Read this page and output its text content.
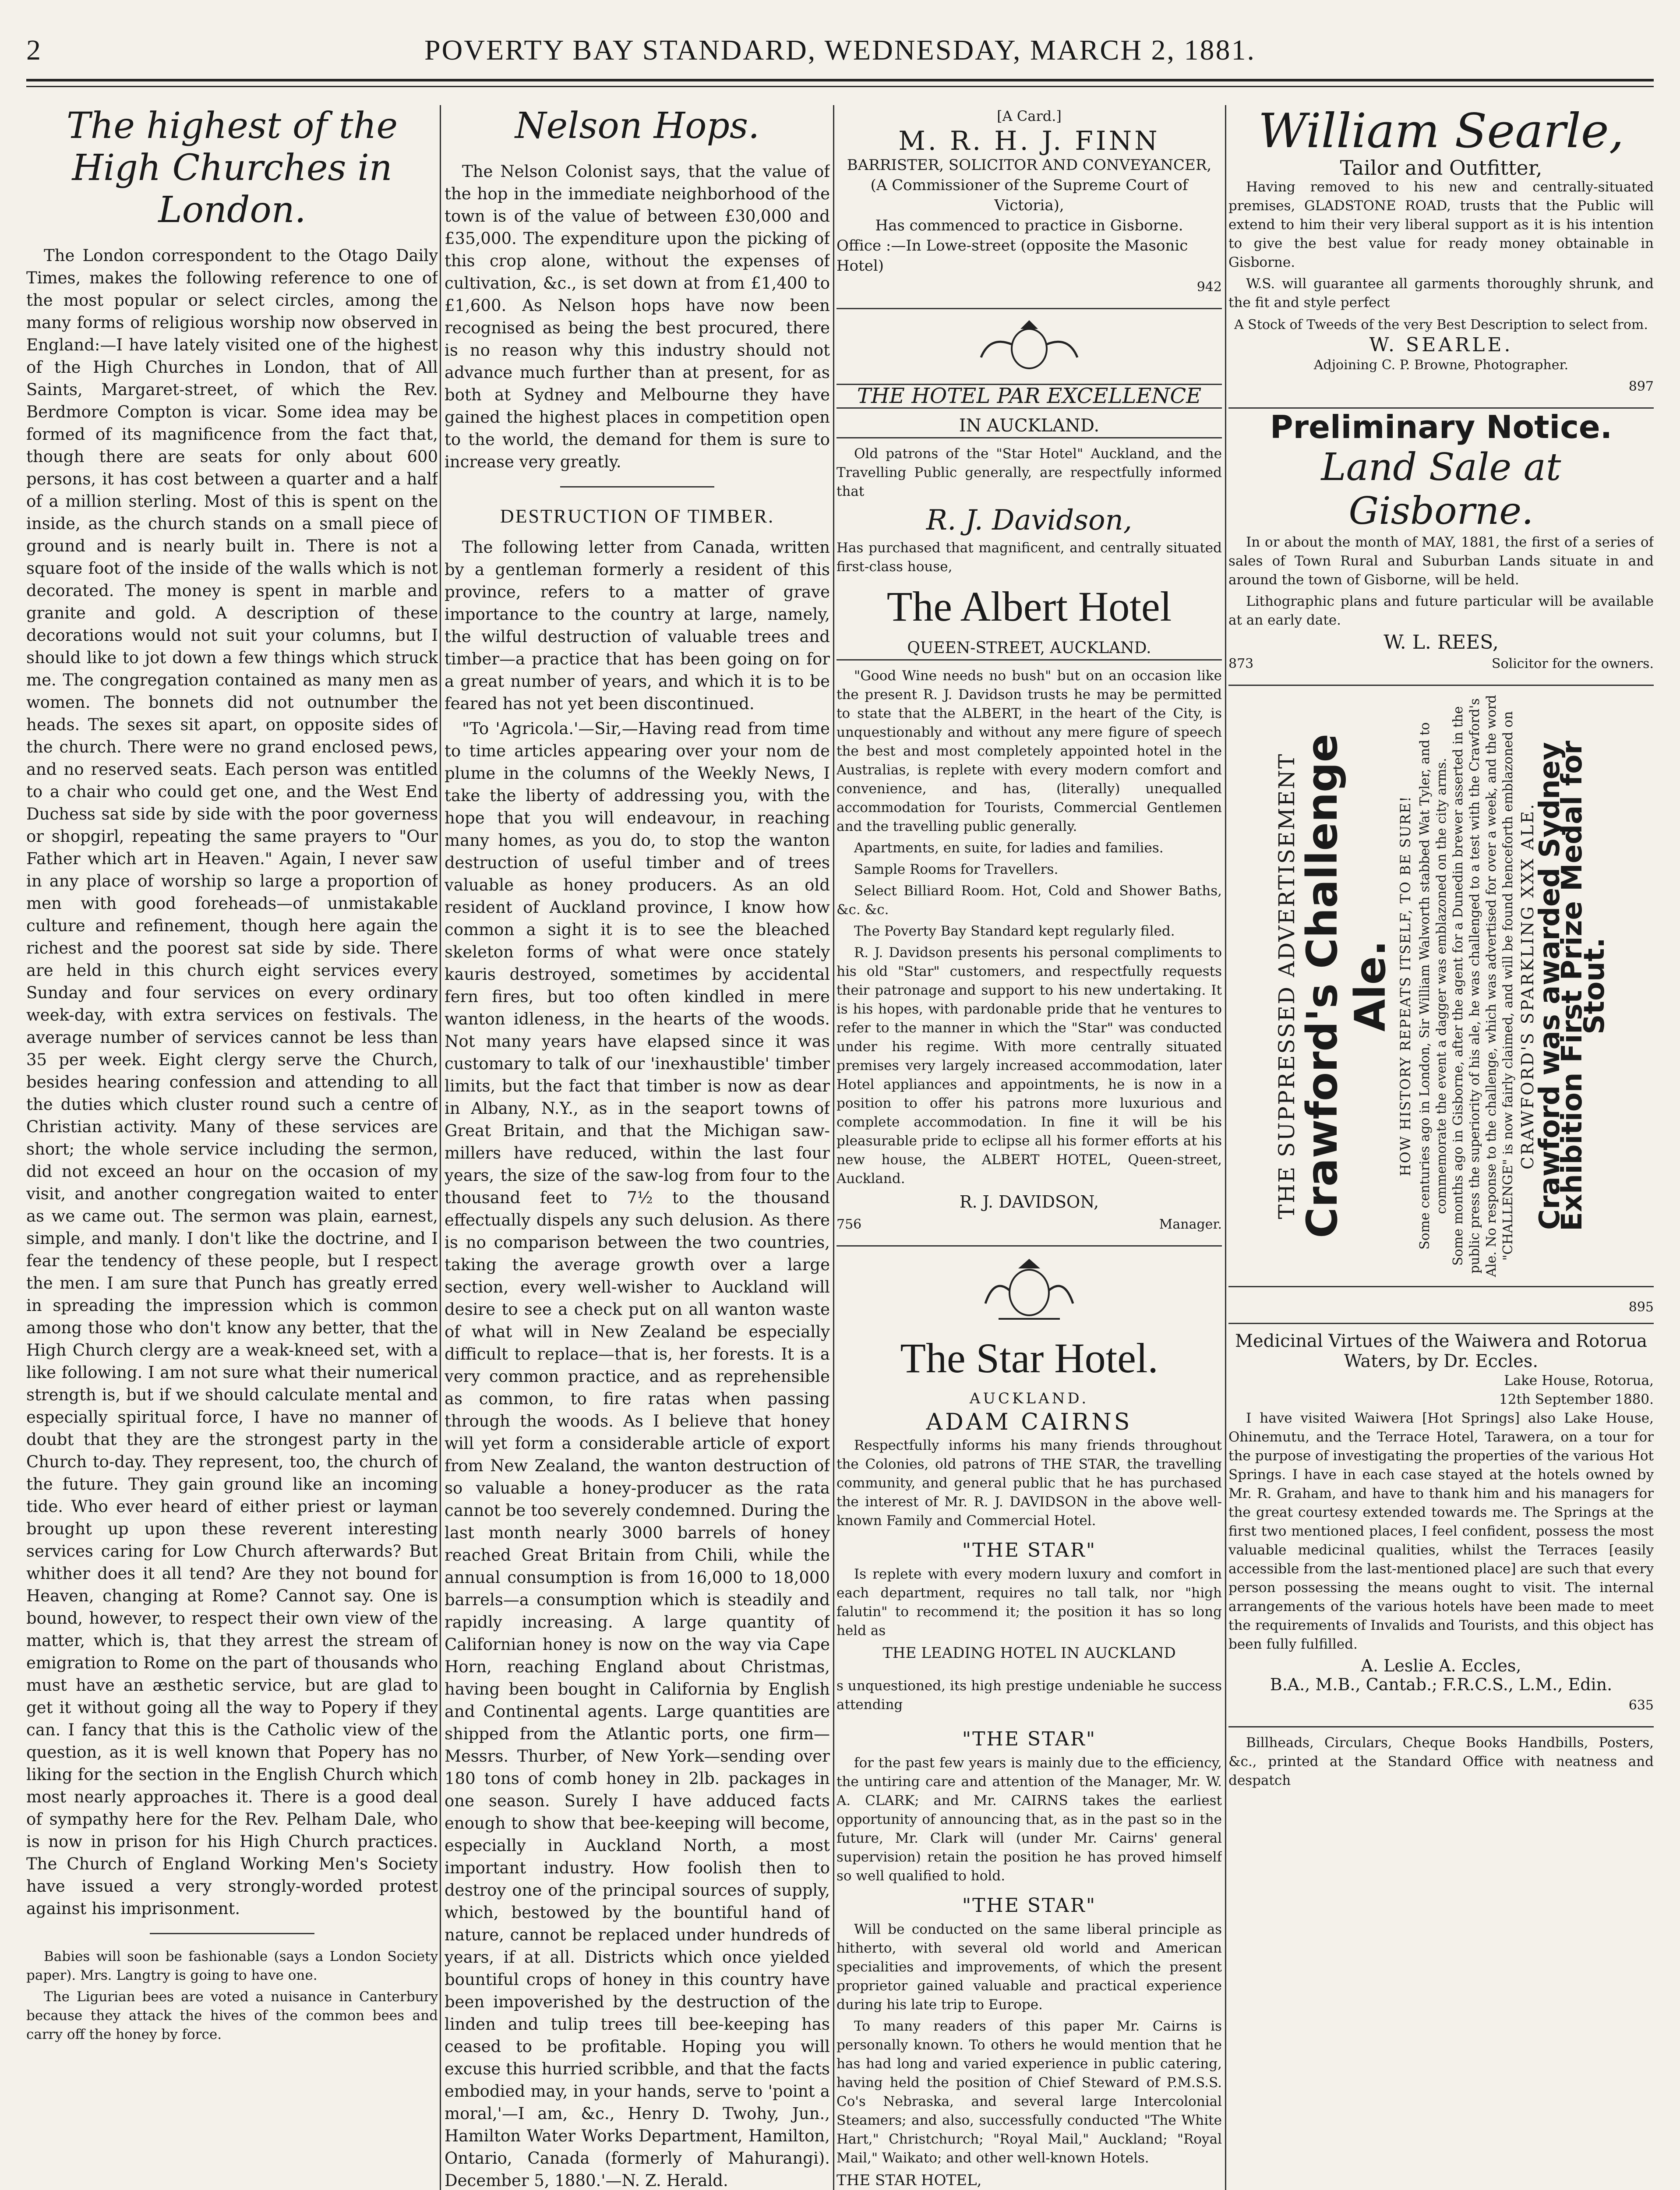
2	POVERTY BAY STANDARD, WEDNESDAY, MARCH 2, 1881.
The highest of the High Churches in London.

The London correspondent to the Otago Daily Times, makes the following reference to one of the most popular or select circles, among the many forms of religious worship now observed in England:—I have lately visited one of the highest of the High Churches in London, that of All Saints, Margaret-street, of which the Rev. Berdmore Compton is vicar. Some idea may be formed of its magnificence from the fact that, though there are seats for only about 600 persons, it has cost between a quarter and a half of a million sterling. Most of this is spent on the inside, as the church stands on a small piece of ground and is nearly built in. There is not a square foot of the inside of the walls which is not decorated. The money is spent in marble and granite and gold. A description of these decorations would not suit your columns, but I should like to jot down a few things which struck me. The congregation contained as many men as women. The bonnets did not outnumber the heads. The sexes sit apart, on opposite sides of the church. There were no grand enclosed pews, and no reserved seats. Each person was entitled to a chair who could get one, and the West End Duchess sat side by side with the poor governess or shopgirl, repeating the same prayers to "Our Father which art in Heaven." Again, I never saw in any place of worship so large a proportion of men with good foreheads—of unmistakable culture and refinement, though here again the richest and the poorest sat side by side. There are held in this church eight services every Sunday and four services on every ordinary week-day, with extra services on festivals. The average number of services cannot be less than 35 per week. Eight clergy serve the Church, besides hearing confession and attending to all the duties which cluster round such a centre of Christian activity. Many of these services are short; the whole service including the sermon, did not exceed an hour on the occasion of my visit, and another congregation waited to enter as we came out. The sermon was plain, earnest, simple, and manly. I don't like the doctrine, and I fear the tendency of these people, but I respect the men. I am sure that Punch has greatly erred in spreading the impression which is common among those who don't know any better, that the High Church clergy are a weak-kneed set, with a like following. I am not sure what their numerical strength is, but if we should calculate mental and especially spiritual force, I have no manner of doubt that they are the strongest party in the Church to-day. They represent, too, the church of the future. They gain ground like an incoming tide. Who ever heard of either priest or layman brought up upon these reverent interesting services caring for Low Church afterwards? But whither does it all tend? Are they not bound for Heaven, changing at Rome? Cannot say. One is bound, however, to respect their own view of the matter, which is, that they arrest the stream of emigration to Rome on the part of thousands who must have an æsthetic service, but are glad to get it without going all the way to Popery if they can. I fancy that this is the Catholic view of the question, as it is well known that Popery has no liking for the section in the English Church which most nearly approaches it. There is a good deal of sympathy here for the Rev. Pelham Dale, who is now in prison for his High Church practices. The Church of England Working Men's Society have issued a very strongly-worded protest against his imprisonment.

Babies will soon be fashionable (says a London Society paper). Mrs. Langtry is going to have one.

The Ligurian bees are voted a nuisance in Canterbury because they attack the hives of the common bees and carry off the honey by force.

Nelson Hops.

The Nelson Colonist says, that the value of the hop in the immediate neighborhood of the town is of the value of between £30,000 and £35,000. The expenditure upon the picking of this crop alone, without the expenses of cultivation, &c., is set down at from £1,400 to £1,600. As Nelson hops have now been recognised as being the best procured, there is no reason why this industry should not advance much further than at present, for as both at Sydney and Melbourne they have gained the highest places in competition open to the world, the demand for them is sure to increase very greatly.

DESTRUCTION OF TIMBER.

The following letter from Canada, written by a gentleman formerly a resident of this province, refers to a matter of grave importance to the country at large, namely, the wilful destruction of valuable trees and timber—a practice that has been going on for a great number of years, and which it is to be feared has not yet been discontinued.

"To 'Agricola.'—Sir,—Having read from time to time articles appearing over your nom de plume in the columns of the Weekly News, I take the liberty of addressing you, with the hope that you will endeavour, in reaching many homes, as you do, to stop the wanton destruction of useful timber and of trees valuable as honey producers. As an old resident of Auckland province, I know how common a sight it is to see the bleached skeleton forms of what were once stately kauris destroyed, sometimes by accidental fern fires, but too often kindled in mere wanton idleness, in the hearts of the woods. Not many years have elapsed since it was customary to talk of our 'inexhaustible' timber limits, but the fact that timber is now as dear in Albany, N.Y., as in the seaport towns of Great Britain, and that the Michigan saw-millers have reduced, within the last four years, the size of the saw-log from four to the thousand feet to 7½ to the thousand effectually dispels any such delusion. As there is no comparison between the two countries, taking the average growth over a large section, every well-wisher to Auckland will desire to see a check put on all wanton waste of what will in New Zealand be especially difficult to replace—that is, her forests. It is a very common practice, and as reprehensible as common, to fire ratas when passing through the woods. As I believe that honey will yet form a considerable article of export from New Zealand, the wanton destruction of so valuable a honey-producer as the rata cannot be too severely condemned. During the last month nearly 3000 barrels of honey reached Great Britain from Chili, while the annual consumption is from 16,000 to 18,000 barrels—a consumption which is steadily and rapidly increasing. A large quantity of Californian honey is now on the way via Cape Horn, reaching England about Christmas, having been bought in California by English and Continental agents. Large quantities are shipped from the Atlantic ports, one firm—Messrs. Thurber, of New York—sending over 180 tons of comb honey in 2lb. packages in one season. Surely I have adduced facts enough to show that bee-keeping will become, especially in Auckland North, a most important industry. How foolish then to destroy one of the principal sources of supply, which, bestowed by the bountiful hand of nature, cannot be replaced under hundreds of years, if at all. Districts which once yielded bountiful crops of honey in this country have been impoverished by the destruction of the linden and tulip trees till bee-keeping has ceased to be profitable. Hoping you will excuse this hurried scribble, and that the facts embodied may, in your hands, serve to 'point a moral,'—I am, &c., Henry D. Twohy, Jun., Hamilton Water Works Department, Hamilton, Ontario, Canada (formerly of Mahurangi). December 5, 1880.'—N. Z. Herald.

[A Card.]
M. R. H. J. FINN
BARRISTER, SOLICITOR AND CONVEYANCER,
(A Commissioner of the Supreme Court of Victoria),
Has commenced to practice in Gisborne.
Office :—In Lowe-street (opposite the Masonic Hotel)
942
THE HOTEL PAR EXCELLENCE
IN AUCKLAND.

Old patrons of the "Star Hotel" Auckland, and the Travelling Public generally, are respectfully informed that

R. J. Davidson,

Has purchased that magnificent, and centrally situated first-class house,

The Albert Hotel
QUEEN-STREET, AUCKLAND.

"Good Wine needs no bush" but on an occasion like the present R. J. Davidson trusts he may be permitted to state that the ALBERT, in the heart of the City, is unquestionably and without any mere figure of speech the best and most completely appointed hotel in the Australias, is replete with every modern comfort and convenience, and has, (literally) unequalled accommodation for Tourists, Commercial Gentlemen and the travelling public generally.

Apartments, en suite, for ladies and families.

Sample Rooms for Travellers.

Select Billiard Room. Hot, Cold and Shower Baths, &c. &c.

The Poverty Bay Standard kept regularly filed.

R. J. Davidson presents his personal compliments to his old "Star" customers, and respectfully requests their patronage and support to his new undertaking. It is his hopes, with pardonable pride that he ventures to refer to the manner in which the "Star" was conducted under his regime. With more centrally situated premises very largely increased accommodation, later Hotel appliances and appointments, he is now in a position to offer his patrons more luxurious and complete accommodation. In fine it will be his pleasurable pride to eclipse all his former efforts at his new house, the ALBERT HOTEL, Queen-street, Auckland.

R. J. DAVIDSON,
756	Manager.
The Star Hotel.
AUCKLAND.
ADAM CAIRNS

Respectfully informs his many friends throughout the Colonies, old patrons of THE STAR, the travelling community, and general public that he has purchased the interest of Mr. R. J. DAVIDSON in the above well-known Family and Commercial Hotel.

"THE STAR"

Is replete with every modern luxury and comfort in each department, requires no tall talk, nor "high falutin" to recommend it; the position it has so long held as

THE LEADING HOTEL IN AUCKLAND

s unquestioned, its high prestige undeniable he success attending

"THE STAR"

for the past few years is mainly due to the efficiency, the untiring care and attention of the Manager, Mr. W. A. CLARK; and Mr. CAIRNS takes the earliest opportunity of announcing that, as in the past so in the future, Mr. Clark will (under Mr. Cairns' general supervision) retain the position he has proved himself so well qualified to hold.

"THE STAR"

Will be conducted on the same liberal principle as hitherto, with several old world and American specialities and improvements, of which the present proprietor gained valuable and practical experience during his late trip to Europe.

To many readers of this paper Mr. Cairns is personally known. To others he would mention that he has had long and varied experience in public catering, having held the position of Chief Steward of P.M.S.S. Co's Nebraska, and several large Intercolonial Steamers; and also, successfully conducted "The White Hart," Christchurch; "Royal Mail," Auckland; "Royal Mail," Waikato; and other well-known Hotels.

THE STAR HOTEL,
William Searle,
Tailor and Outfitter,

Having removed to his new and centrally-situated premises, GLADSTONE ROAD, trusts that the Public will extend to him their very liberal support as it is his intention to give the best value for ready money obtainable in Gisborne.

W.S. will guarantee all garments thoroughly shrunk, and the fit and style perfect

A Stock of Tweeds of the very Best Description to select from.
W. SEARLE.
Adjoining C. P. Browne, Photographer.
897
Preliminary Notice.
Land Sale at Gisborne.

In or about the month of MAY, 1881, the first of a series of sales of Town Rural and Suburban Lands situate in and around the town of Gisborne, will be held.

Lithographic plans and future particular will be available at an early date.

W. L. REES,
873	Solicitor for the owners.
THE SUPPRESSED ADVERTISEMENT
Crawford's Challenge Ale. HOW HISTORY REPEATS ITSELF, TO BE SURE! Some centuries ago in London, Sir William Walworth stabbed Wat Tyler, and to commemorate the event a dagger was emblazoned on the city arms. Some months ago in Gisborne, after the agent for a Dunedin brewer asserted in the public press the superiority of his ale, he was challenged to a test with the Crawford's Ale. No response to the challenge, which was advertised for over a week, and the word "CHALLENGE" is now fairly claimed, and will be found henceforth emblazoned on CRAWFORD'S SPARKLING XXX ALE.
Crawford was awarded Sydney Exhibition First Prize Medal for Stout.
895
Medicinal Virtues of the Waiwera and Rotorua Waters, by Dr. Eccles.
Lake House, Rotorua,
12th September 1880.

I have visited Waiwera [Hot Springs] also Lake House, Ohinemutu, and the Terrace Hotel, Tarawera, on a tour for the purpose of investigating the properties of the various Hot Springs. I have in each case stayed at the hotels owned by Mr. R. Graham, and have to thank him and his managers for the great courtesy extended towards me. The Springs at the first two mentioned places, I feel confident, possess the most valuable medicinal qualities, whilst the Terraces [easily accessible from the last-mentioned place] are such that every person possessing the means ought to visit. The internal arrangements of the various hotels have been made to meet the requirements of Invalids and Tourists, and this object has been fully fulfilled.

A. Leslie A. Eccles,
B.A., M.B., Cantab.; F.R.C.S., L.M., Edin.
635

Billheads, Circulars, Cheque Books Handbills, Posters, &c., printed at the Standard Office with neatness and despatch
